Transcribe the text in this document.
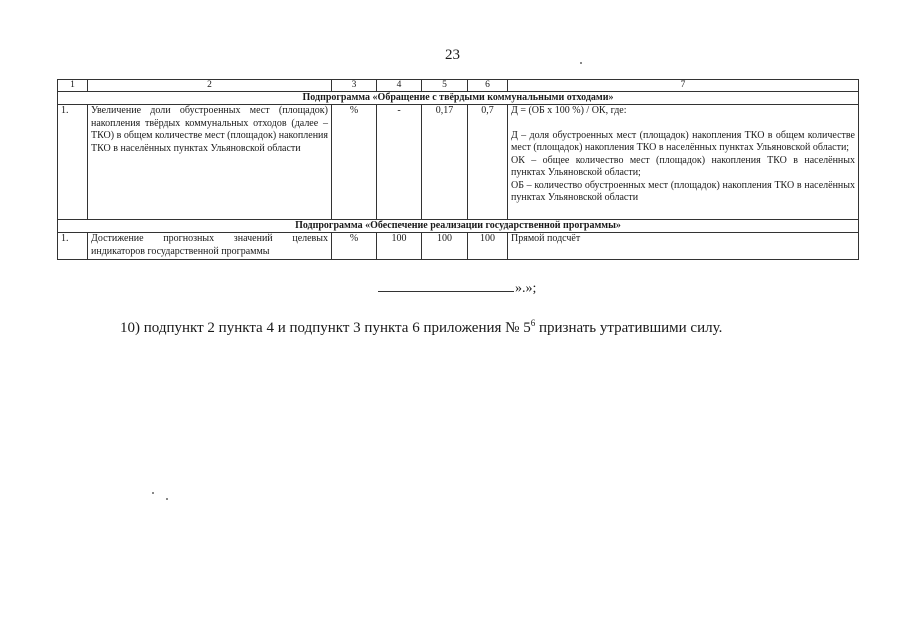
23
1	2	3	4	5	6	7
Подпрограмма «Обращение с твёрдыми коммунальными отходами»						
1.	Увеличение доли обустроенных мест (площадок) накопления твёрдых коммунальных отходов (далее – ТКО) в общем количестве мест (площадок) накопления ТКО в населённых пунктах Ульяновской области	%	-	0,17	0,7	Д = (ОБ х 100 %) / ОК, где:
Д – доля обустроенных мест (площадок) накопления ТКО в общем количестве мест (площадок) накопления ТКО в населённых пунктах Ульяновской области;
ОК – общее количество мест (площадок) накопления ТКО в населённых пунктах Ульяновской области;
ОБ – количество обустроенных мест (площадок) накопления ТКО в населённых пунктах Ульяновской области

Подпрограмма «Обеспечение реализации государственной программы»						
1.	Достижение прогнозных значений целевых индикаторов государственной программы	%	100	100	100	Прямой подсчёт
».»;
10) подпункт 2 пункта 4 и подпункт 3 пункта 6 приложения № $5^6$ признать утратившими силу.
